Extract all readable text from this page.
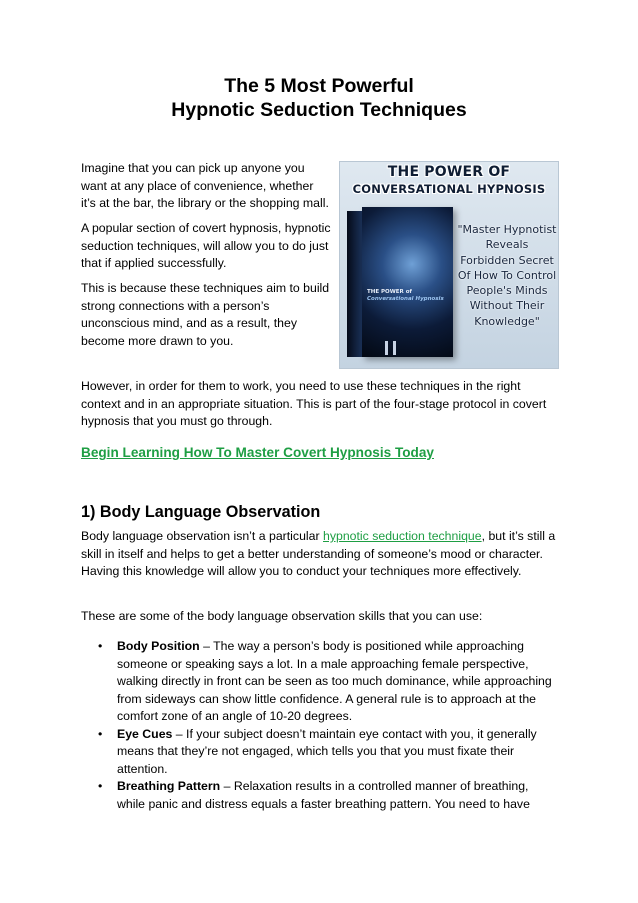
The 5 Most Powerful
Hypnotic Seduction Techniques

Imagine that you can pick up anyone you want at any place of convenience, whether it’s at the bar, the library or the shopping mall.

A popular section of covert hypnosis, hypnotic seduction techniques, will allow you to do just that if applied successfully.

This is because these techniques aim to build strong connections with a person’s unconscious mind, and as a result, they become more drawn to you.

THE POWER OF
CONVERSATIONAL HYPNOSIS
THE POWER of
Conversational Hypnosis
"Master Hypnotist Reveals Forbidden Secret Of How To Control People's Minds Without Their Knowledge"

However, in order for them to work, you need to use these techniques in the right context and in an appropriate situation. This is part of the four-stage protocol in covert hypnosis that you must go through.

Begin Learning How To Master Covert Hypnosis Today
1) Body Language Observation

Body language observation isn’t a particular hypnotic seduction technique, but it’s still a skill in itself and helps to get a better understanding of someone’s mood or character. Having this knowledge will allow you to conduct your techniques more effectively.

These are some of the body language observation skills that you can use:

• Body Position – The way a person’s body is positioned while approaching someone or speaking says a lot. In a male approaching female perspective, walking directly in front can be seen as too much dominance, while approaching from sideways can show little confidence. A general rule is to approach at the comfort zone of an angle of 10-20 degrees.
• Eye Cues – If your subject doesn’t maintain eye contact with you, it generally means that they’re not engaged, which tells you that you must fixate their attention.
• Breathing Pattern – Relaxation results in a controlled manner of breathing, while panic and distress equals a faster breathing pattern. You need to have
